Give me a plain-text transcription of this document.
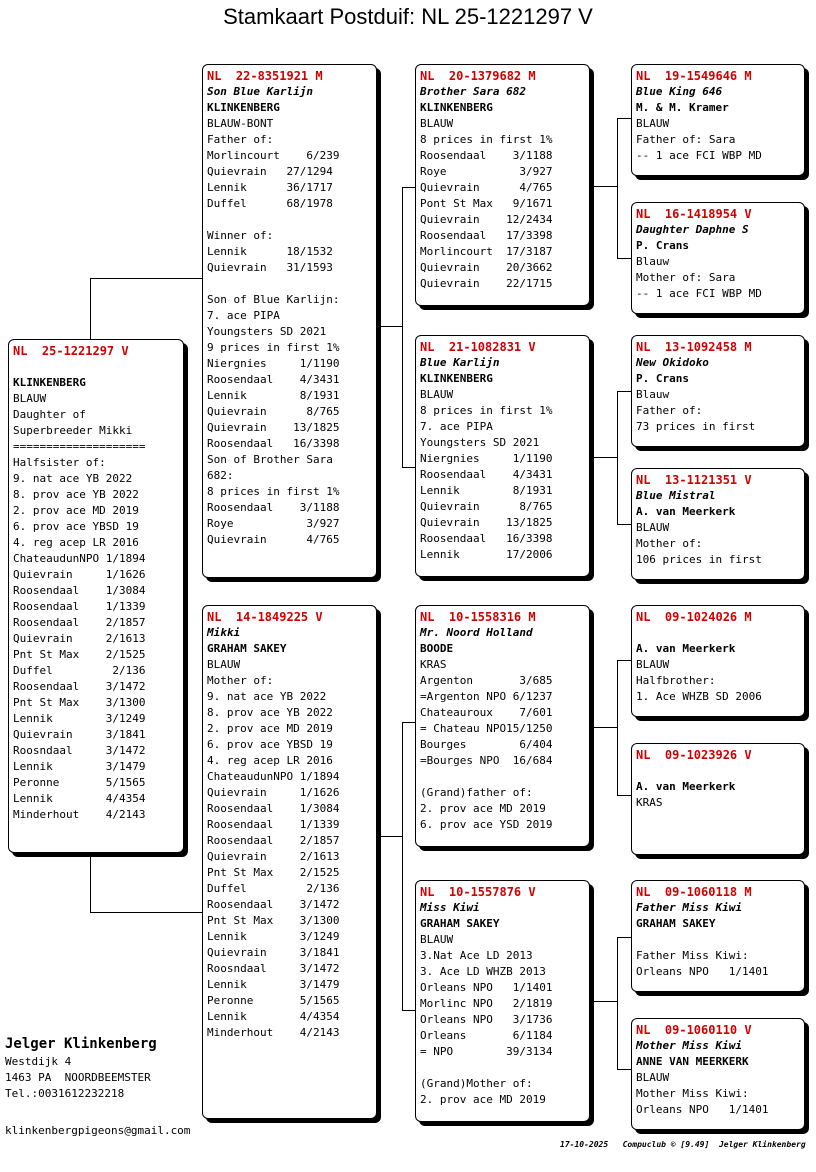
Stamkaart Postduif: NL 25-1221297 V
NL  25-1221297 V
KLINKENBERG
BLAUW
Daughter of
Superbreeder Mikki
====================
Halfsister of:
9. nat ace YB 2022
8. prov ace YB 2022
2. prov ace MD 2019
6. prov ace YBSD 19
4. reg acep LR 2016
ChateaudunNPO 1/1894
Quievrain     1/1626
Roosendaal    1/3084
Roosendaal    1/1339
Roosendaal    2/1857
Quievrain     2/1613
Pnt St Max    2/1525
Duffel         2/136
Roosendaal    3/1472
Pnt St Max    3/1300
Lennik        3/1249
Quievrain     3/1841
Roosndaal     3/1472
Lennik        3/1479
Peronne       5/1565
Lennik        4/4354
Minderhout    4/2143
NL  22-8351921 M
Son Blue Karlijn
KLINKENBERG
BLAUW-BONT
Father of:
Morlincourt    6/239
Quievrain   27/1294
Lennik      36/1717
Duffel      68/1978
Winner of:
Lennik      18/1532
Quievrain   31/1593
Son of Blue Karlijn:
7. ace PIPA
Youngsters SD 2021
9 prices in first 1%
Niergnies     1/1190
Roosendaal    4/3431
Lennik        8/1931
Quievrain      8/765
Quievrain    13/1825
Roosendaal   16/3398
Son of Brother Sara
682:
8 prices in first 1%
Roosendaal    3/1188
Roye           3/927
Quievrain      4/765
NL  14-1849225 V
Mikki
GRAHAM SAKEY
BLAUW
Mother of:
9. nat ace YB 2022
8. prov ace YB 2022
2. prov ace MD 2019
6. prov ace YBSD 19
4. reg acep LR 2016
ChateaudunNPO 1/1894
Quievrain     1/1626
Roosendaal    1/3084
Roosendaal    1/1339
Roosendaal    2/1857
Quievrain     2/1613
Pnt St Max    2/1525
Duffel         2/136
Roosendaal    3/1472
Pnt St Max    3/1300
Lennik        3/1249
Quievrain     3/1841
Roosndaal     3/1472
Lennik        3/1479
Peronne       5/1565
Lennik        4/4354
Minderhout    4/2143
NL  20-1379682 M
Brother Sara 682
KLINKENBERG
BLAUW
8 prices in first 1%
Roosendaal    3/1188
Roye           3/927
Quievrain      4/765
Pont St Max   9/1671
Quievrain    12/2434
Roosendaal   17/3398
Morlincourt  17/3187
Quievrain    20/3662
Quievrain    22/1715
NL  21-1082831 V
Blue Karlijn
KLINKENBERG
BLAUW
8 prices in first 1%
7. ace PIPA
Youngsters SD 2021
Niergnies     1/1190
Roosendaal    4/3431
Lennik        8/1931
Quievrain      8/765
Quievrain    13/1825
Roosendaal   16/3398
Lennik       17/2006
NL  10-1558316 M
Mr. Noord Holland
BOODE
KRAS
Argenton       3/685
=Argenton NPO 6/1237
Chateauroux    7/601
= Chateau NPO15/1250
Bourges        6/404
=Bourges NPO  16/684
(Grand)father of:
2. prov ace MD 2019
6. prov ace YSD 2019
NL  10-1557876 V
Miss Kiwi
GRAHAM SAKEY
BLAUW
3.Nat Ace LD 2013
3. Ace LD WHZB 2013
Orleans NPO   1/1401
Morlinc NPO   2/1819
Orleans NPO   3/1736
Orleans       6/1184
= NPO        39/3134
(Grand)Mother of:
2. prov ace MD 2019
NL  19-1549646 M
Blue King 646
M. & M. Kramer
BLAUW
Father of: Sara
-- 1 ace FCI WBP MD
NL  16-1418954 V
Daughter Daphne S
P. Crans
Blauw
Mother of: Sara
-- 1 ace FCI WBP MD
NL  13-1092458 M
New Okidoko
P. Crans
Blauw
Father of:
73 prices in first
NL  13-1121351 V
Blue Mistral
A. van Meerkerk
BLAUW
Mother of:
106 prices in first
NL  09-1024026 M
A. van Meerkerk
BLAUW
Halfbrother:
1. Ace WHZB SD 2006
NL  09-1023926 V
A. van Meerkerk
KRAS
NL  09-1060118 M
Father Miss Kiwi
GRAHAM SAKEY
Father Miss Kiwi:
Orleans NPO   1/1401
NL  09-1060110 V
Mother Miss Kiwi
ANNE VAN MEERKERK
BLAUW
Mother Miss Kiwi:
Orleans NPO   1/1401
Jelger Klinkenberg
Westdijk 4
1463 PA  NOORDBEEMSTER
Tel.:0031612232218
klinkenbergpigeons@gmail.com
17-10-2025   Compuclub © [9.49]  Jelger Klinkenberg
